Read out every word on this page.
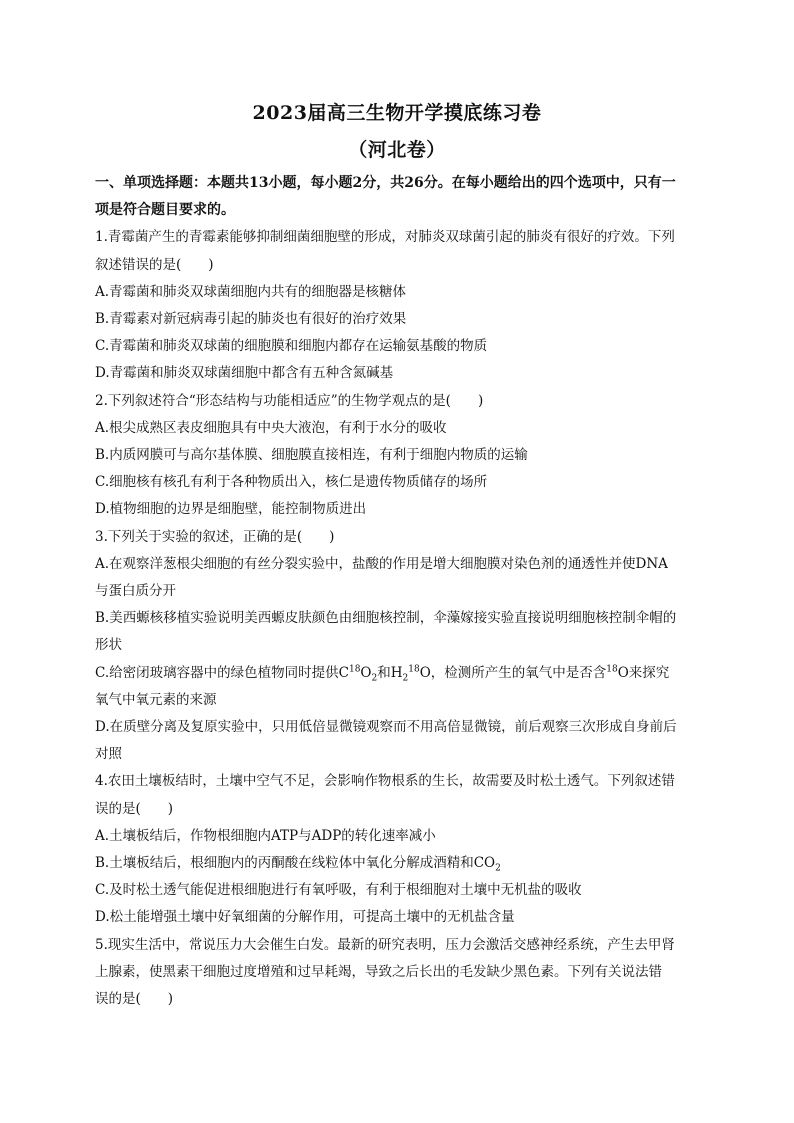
2023届高三生物开学摸底练习卷
（河北卷）

一、单项选择题：本题共13小题，每小题2分，共26分。在每小题给出的四个选项中，只有一

项是符合题目要求的。

1.青霉菌产生的青霉素能够抑制细菌细胞壁的形成，对肺炎双球菌引起的肺炎有很好的疗效。下列

叙述错误的是(　　)

A.青霉菌和肺炎双球菌细胞内共有的细胞器是核糖体

B.青霉素对新冠病毒引起的肺炎也有很好的治疗效果

C.青霉菌和肺炎双球菌的细胞膜和细胞内都存在运输氨基酸的物质

D.青霉菌和肺炎双球菌细胞中都含有五种含氮碱基

2.下列叙述符合“形态结构与功能相适应”的生物学观点的是(　　)

A.根尖成熟区表皮细胞具有中央大液泡，有利于水分的吸收

B.内质网膜可与高尔基体膜、细胞膜直接相连，有利于细胞内物质的运输

C.细胞核有核孔有利于各种物质出入，核仁是遗传物质储存的场所

D.植物细胞的边界是细胞壁，能控制物质进出

3.下列关于实验的叙述，正确的是(　　)

A.在观察洋葱根尖细胞的有丝分裂实验中，盐酸的作用是增大细胞膜对染色剂的通透性并使DNA

与蛋白质分开

B.美西螈核移植实验说明美西螈皮肤颜色由细胞核控制，伞藻嫁接实验直接说明细胞核控制伞帽的

形状

C.给密闭玻璃容器中的绿色植物同时提供$C^{18}O_2$和$H_2^{18}O$，检测所产生的氧气中是否含$^{18}$O来探究

氧气中氧元素的来源

D.在质壁分离及复原实验中，只用低倍显微镜观察而不用高倍显微镜，前后观察三次形成自身前后

对照

4.农田土壤板结时，土壤中空气不足，会影响作物根系的生长，故需要及时松土透气。下列叙述错

误的是(　　)

A.土壤板结后，作物根细胞内ATP与ADP的转化速率减小

B.土壤板结后，根细胞内的丙酮酸在线粒体中氧化分解成酒精和$CO_2$

C.及时松土透气能促进根细胞进行有氧呼吸，有利于根细胞对土壤中无机盐的吸收

D.松土能增强土壤中好氧细菌的分解作用，可提高土壤中的无机盐含量

5.现实生活中，常说压力大会催生白发。最新的研究表明，压力会激活交感神经系统，产生去甲肾

上腺素，使黑素干细胞过度增殖和过早耗竭，导致之后长出的毛发缺少黑色素。下列有关说法错

误的是(　　)
